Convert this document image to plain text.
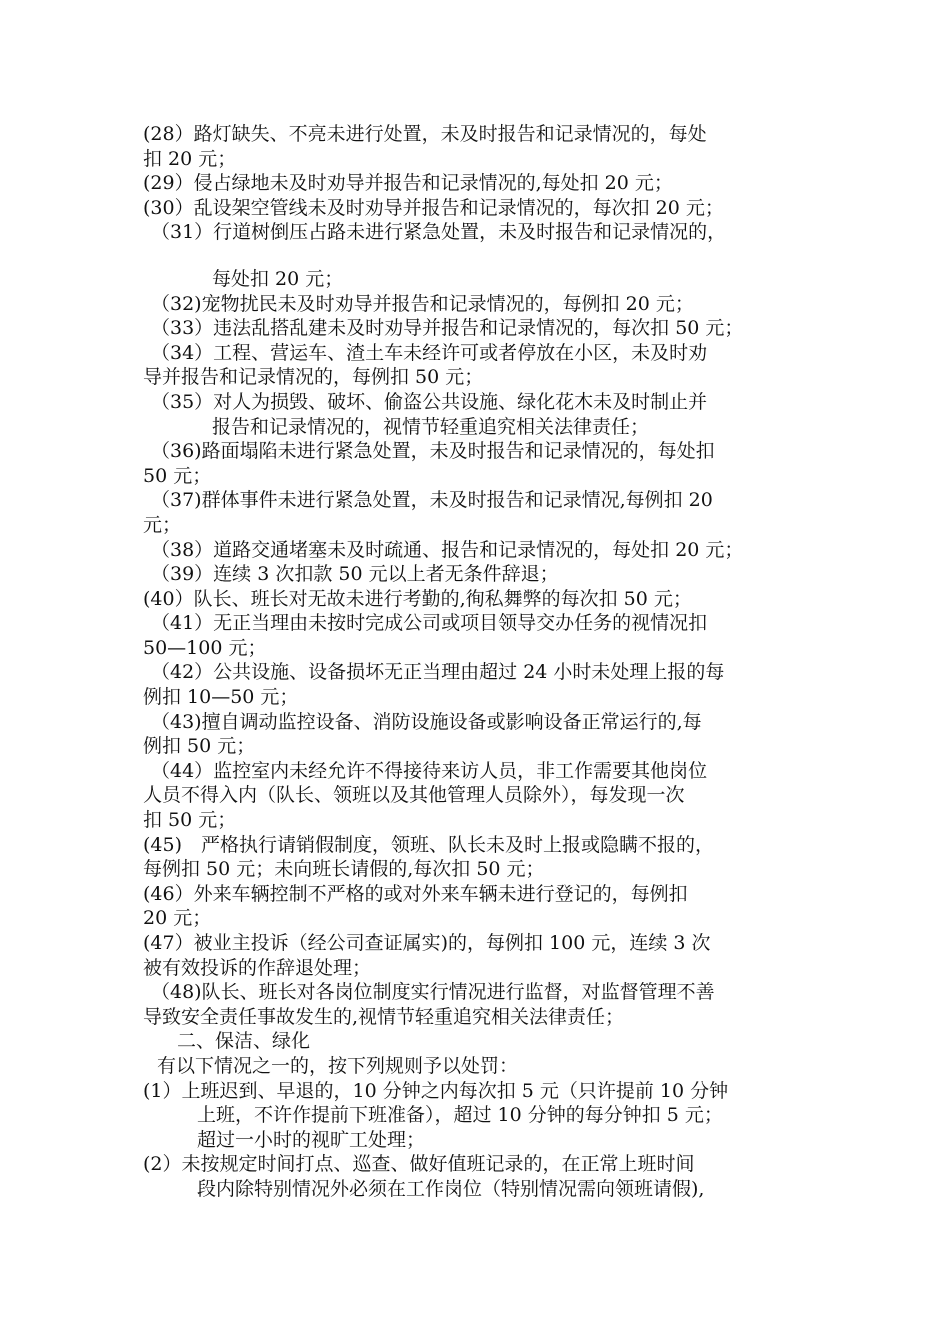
(28）路灯缺失、不亮未进行处置，未及时报告和记录情况的，每处
扣 20 元；
(29）侵占绿地未及时劝导并报告和记录情况的,每处扣 20 元；
(30）乱设架空管线未及时劝导并报告和记录情况的，每次扣 20 元；
（31）行道树倒压占路未进行紧急处置，未及时报告和记录情况的，
每处扣 20 元；
（32)宠物扰民未及时劝导并报告和记录情况的，每例扣 20 元；
（33）违法乱搭乱建未及时劝导并报告和记录情况的，每次扣 50 元；
（34）工程、营运车、渣土车未经许可或者停放在小区，未及时劝
导并报告和记录情况的，每例扣 50 元；
（35）对人为损毁、破坏、偷盗公共设施、绿化花木未及时制止并
报告和记录情况的，视情节轻重追究相关法律责任；
（36)路面塌陷未进行紧急处置，未及时报告和记录情况的，每处扣
50 元；
（37)群体事件未进行紧急处置，未及时报告和记录情况,每例扣 20
元；
（38）道路交通堵塞未及时疏通、报告和记录情况的，每处扣 20 元；
（39）连续 3 次扣款 50 元以上者无条件辞退；
(40）队长、班长对无故未进行考勤的,徇私舞弊的每次扣 50 元；
（41）无正当理由未按时完成公司或项目领导交办任务的视情况扣
50—100 元；
（42）公共设施、设备损坏无正当理由超过 24 小时未处理上报的每
例扣 10—50 元；
（43)擅自调动监控设备、消防设施设备或影响设备正常运行的,每
例扣 50 元；
（44）监控室内未经允许不得接待来访人员，非工作需要其他岗位
人员不得入内（队长、领班以及其他管理人员除外），每发现一次
扣 50 元；
(45)　严格执行请销假制度，领班、队长未及时上报或隐瞒不报的，
每例扣 50 元；未向班长请假的,每次扣 50 元；
(46）外来车辆控制不严格的或对外来车辆未进行登记的，每例扣
20 元；
(47）被业主投诉（经公司查证属实)的，每例扣 100 元，连续 3 次
被有效投诉的作辞退处理；
（48)队长、班长对各岗位制度实行情况进行监督，对监督管理不善
导致安全责任事故发生的,视情节轻重追究相关法律责任；
二、保洁、绿化
有以下情况之一的，按下列规则予以处罚：
(1）上班迟到、早退的，10 分钟之内每次扣 5 元（只许提前 10 分钟
上班，不许作提前下班准备），超过 10 分钟的每分钟扣 5 元；
超过一小时的视旷工处理；
(2）未按规定时间打点、巡查、做好值班记录的，在正常上班时间
段内除特别情况外必须在工作岗位（特别情况需向领班请假),
